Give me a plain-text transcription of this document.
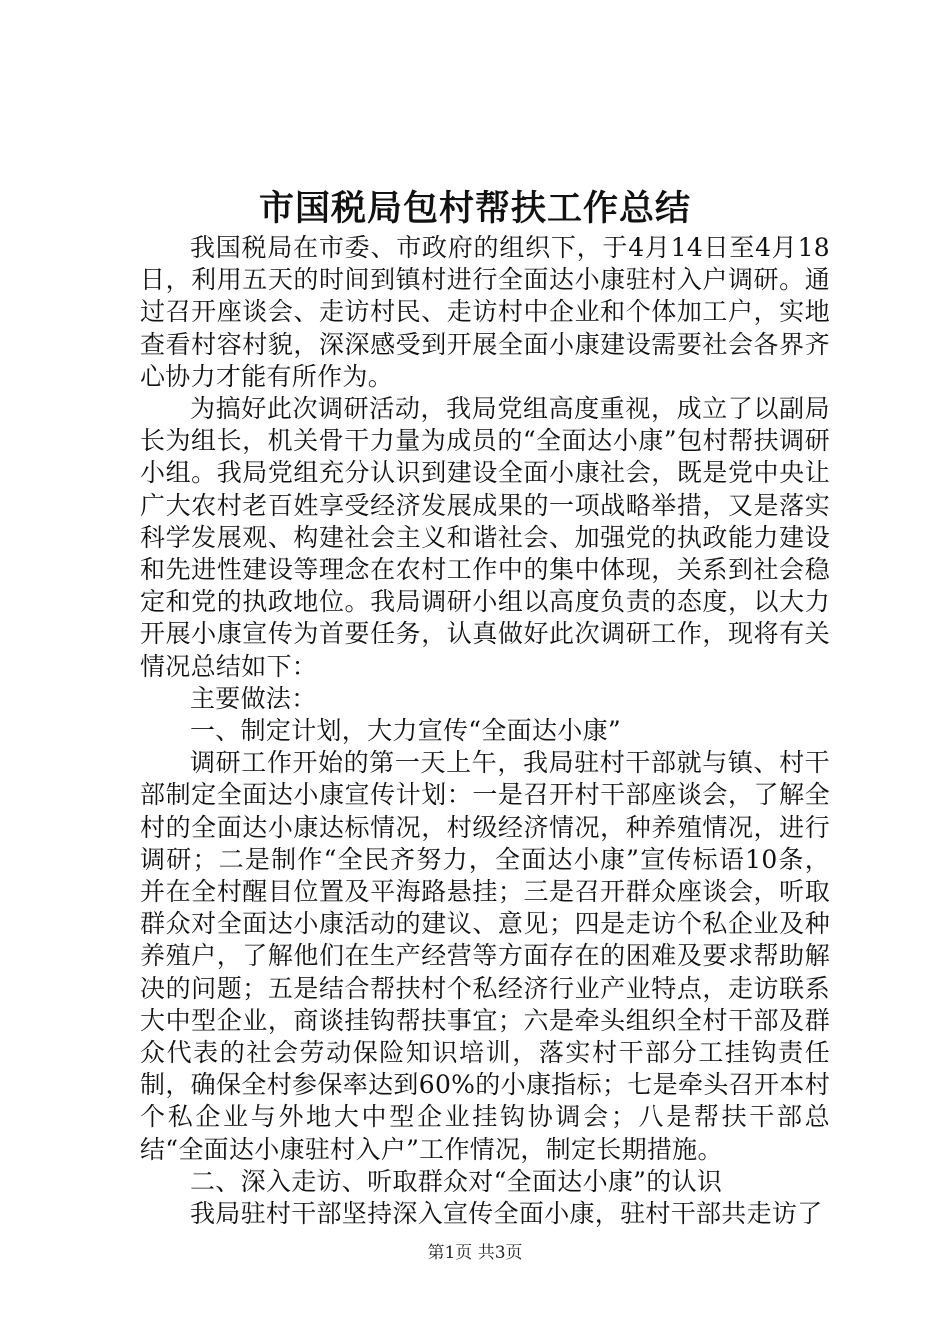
市国税局包村帮扶工作总结

我国税局在市委、市政府的组织下，于4月14日至4月18日，利用五天的时间到镇村进行全面达小康驻村入户调研。通过召开座谈会、走访村民、走访村中企业和个体加工户，实地查看村容村貌，深深感受到开展全面小康建设需要社会各界齐心协力才能有所作为。

为搞好此次调研活动，我局党组高度重视，成立了以副局长为组长，机关骨干力量为成员的“全面达小康”包村帮扶调研小组。我局党组充分认识到建设全面小康社会，既是党中央让广大农村老百姓享受经济发展成果的一项战略举措，又是落实科学发展观、构建社会主义和谐社会、加强党的执政能力建设和先进性建设等理念在农村工作中的集中体现，关系到社会稳定和党的执政地位。我局调研小组以高度负责的态度，以大力开展小康宣传为首要任务，认真做好此次调研工作，现将有关情况总结如下：

主要做法：

一、制定计划，大力宣传“全面达小康”

调研工作开始的第一天上午，我局驻村干部就与镇、村干部制定全面达小康宣传计划：一是召开村干部座谈会，了解全村的全面达小康达标情况，村级经济情况，种养殖情况，进行调研；二是制作“全民齐努力，全面达小康”宣传标语10条，并在全村醒目位置及平海路悬挂；三是召开群众座谈会，听取群众对全面达小康活动的建议、意见；四是走访个私企业及种养殖户，了解他们在生产经营等方面存在的困难及要求帮助解决的问题；五是结合帮扶村个私经济行业产业特点，走访联系大中型企业，商谈挂钩帮扶事宜；六是牵头组织全村干部及群众代表的社会劳动保险知识培训，落实村干部分工挂钩责任制，确保全村参保率达到60%的小康指标；七是牵头召开本村个私企业与外地大中型企业挂钩协调会；八是帮扶干部总结“全面达小康驻村入户”工作情况，制定长期措施。

二、深入走访、听取群众对“全面达小康”的认识

我局驻村干部坚持深入宣传全面小康，驻村干部共走访了

第1页 共3页
